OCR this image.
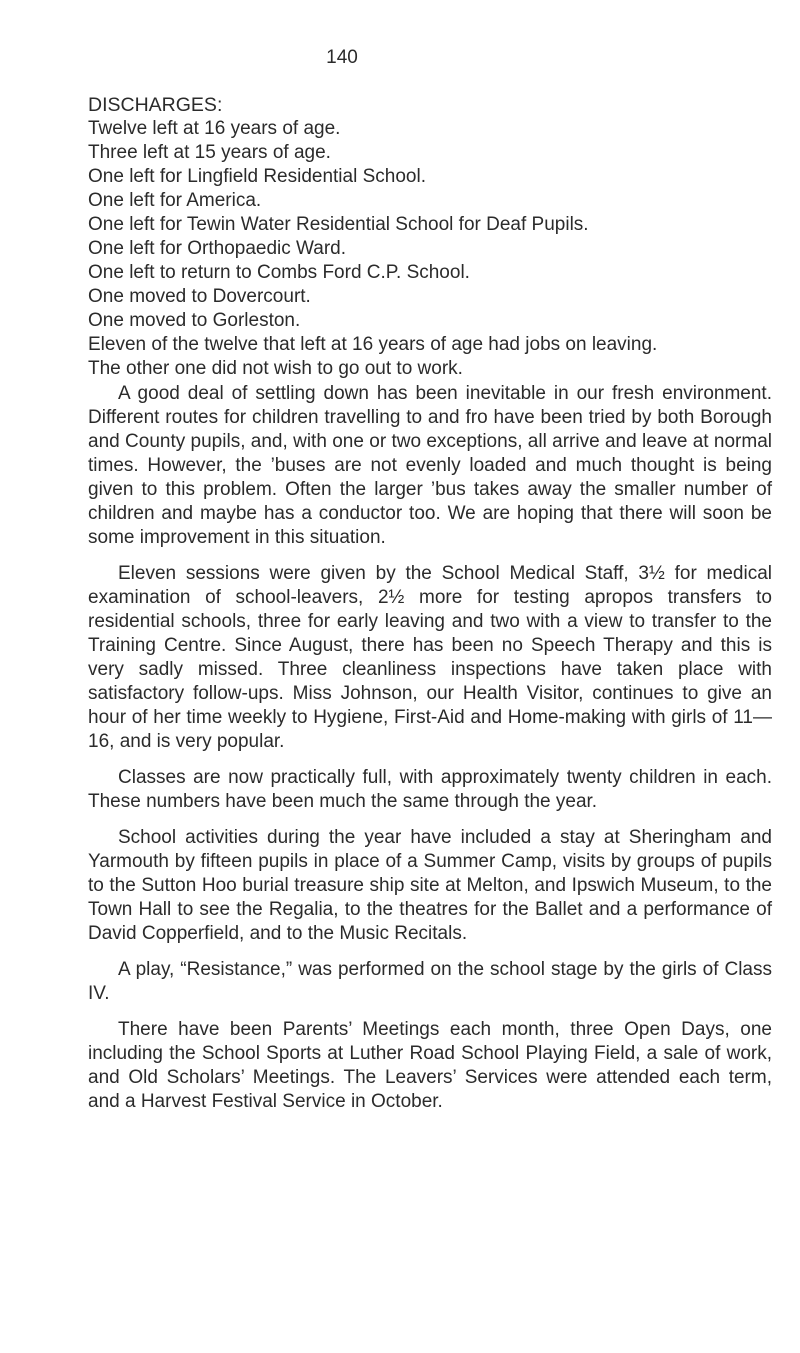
140
DISCHARGES:
Twelve left at 16 years of age.
Three left at 15 years of age.
One left for Lingfield Residential School.
One left for America.
One left for Tewin Water Residential School for Deaf Pupils.
One left for Orthopaedic Ward.
One left to return to Combs Ford C.P. School.
One moved to Dovercourt.
One moved to Gorleston.
Eleven of the twelve that left at 16 years of age had jobs on leaving.
The other one did not wish to go out to work.

A good deal of settling down has been inevitable in our fresh environment. Different routes for children travelling to and fro have been tried by both Borough and County pupils, and, with one or two exceptions, all arrive and leave at normal times. However, the ’buses are not evenly loaded and much thought is being given to this problem. Often the larger ’bus takes away the smaller number of children and maybe has a conductor too. We are hoping that there will soon be some improvement in this situation.

Eleven sessions were given by the School Medical Staff, 3½ for medical examination of school-leavers, 2½ more for testing apropos transfers to residential schools, three for early leaving and two with a view to transfer to the Training Centre. Since August, there has been no Speech Therapy and this is very sadly missed. Three cleanliness inspections have taken place with satisfactory follow-ups. Miss Johnson, our Health Visitor, continues to give an hour of her time weekly to Hygiene, First-Aid and Home-making with girls of 11—16, and is very popular.

Classes are now practically full, with approximately twenty children in each. These numbers have been much the same through the year.

School activities during the year have included a stay at Sheringham and Yarmouth by fifteen pupils in place of a Summer Camp, visits by groups of pupils to the Sutton Hoo burial treasure ship site at Melton, and Ipswich Museum, to the Town Hall to see the Regalia, to the theatres for the Ballet and a performance of David Copperfield, and to the Music Recitals.

A play, “Resistance,” was performed on the school stage by the girls of Class IV.

There have been Parents’ Meetings each month, three Open Days, one including the School Sports at Luther Road School Playing Field, a sale of work, and Old Scholars’ Meetings. The Leavers’ Services were attended each term, and a Harvest Festival Service in October.
